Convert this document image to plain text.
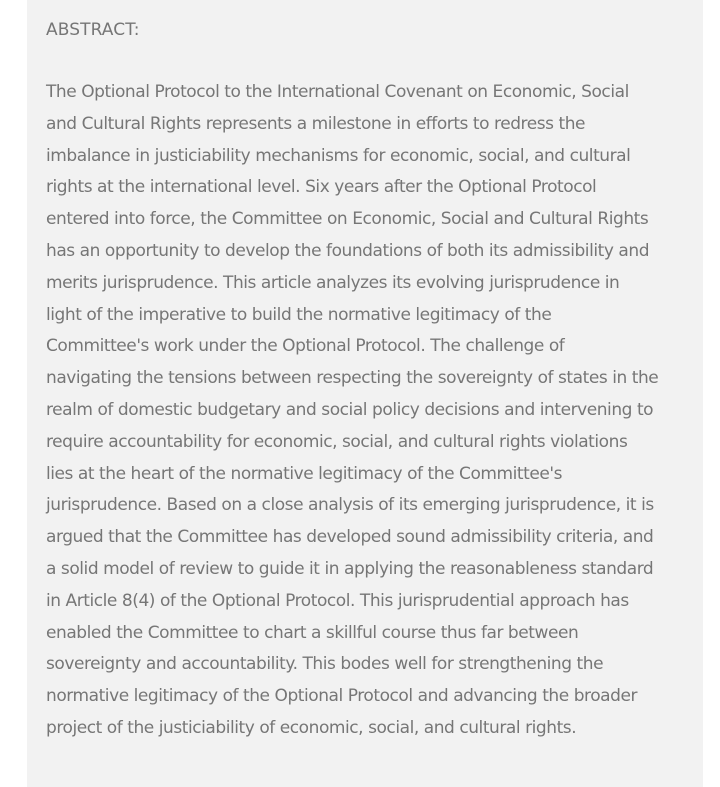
ABSTRACT:

The Optional Protocol to the International Covenant on Economic, Social
and Cultural Rights represents a milestone in efforts to redress the
imbalance in justiciability mechanisms for economic, social, and cultural
rights at the international level. Six years after the Optional Protocol
entered into force, the Committee on Economic, Social and Cultural Rights
has an opportunity to develop the foundations of both its admissibility and
merits jurisprudence. This article analyzes its evolving jurisprudence in
light of the imperative to build the normative legitimacy of the
Committee's work under the Optional Protocol. The challenge of
navigating the tensions between respecting the sovereignty of states in the
realm of domestic budgetary and social policy decisions and intervening to
require accountability for economic, social, and cultural rights violations
lies at the heart of the normative legitimacy of the Committee's
jurisprudence. Based on a close analysis of its emerging jurisprudence, it is
argued that the Committee has developed sound admissibility criteria, and
a solid model of review to guide it in applying the reasonableness standard
in Article 8(4) of the Optional Protocol. This jurisprudential approach has
enabled the Committee to chart a skillful course thus far between
sovereignty and accountability. This bodes well for strengthening the
normative legitimacy of the Optional Protocol and advancing the broader
project of the justiciability of economic, social, and cultural rights.
